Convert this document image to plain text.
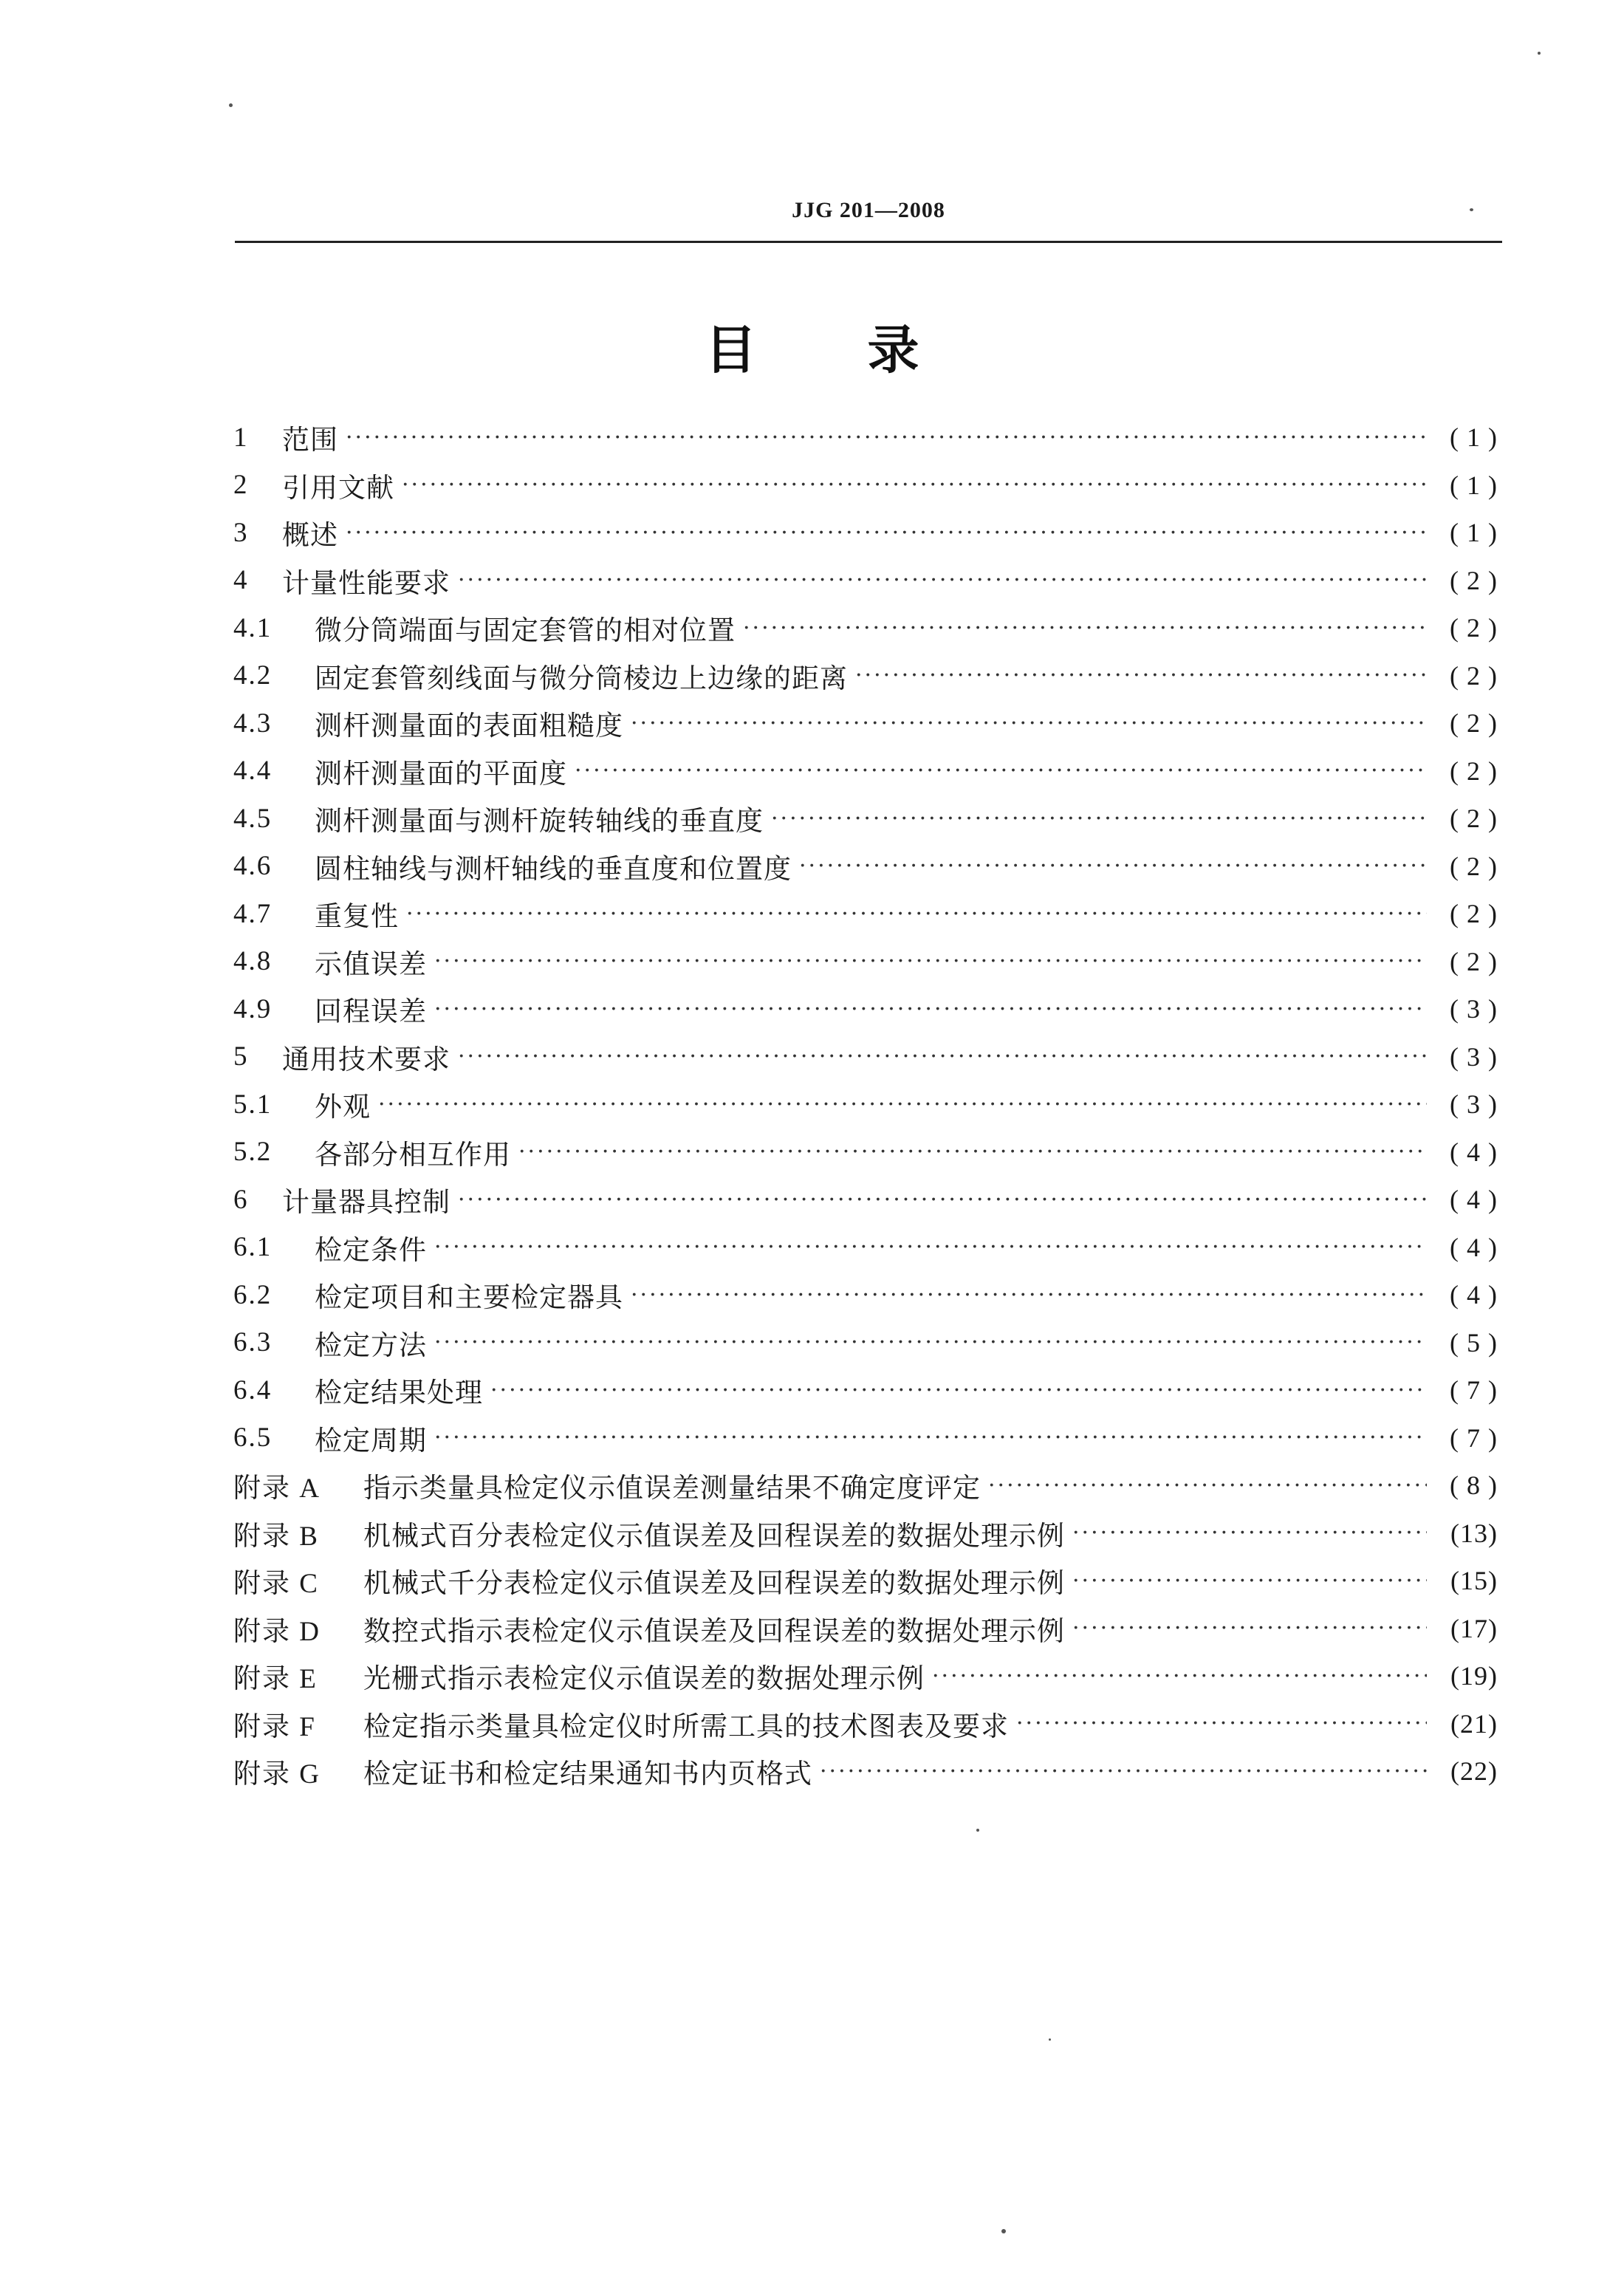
JJG 201—2008
目 录
1	范围 ·····	( 1 )
2	引用文献 ·····	( 1 )
3	概述 ·····	( 1 )
4	计量性能要求 ·····	( 2 )
4.1	微分筒端面与固定套管的相对位置 ·····	( 2 )
4.2	固定套管刻线面与微分筒棱边上边缘的距离 ·····	( 2 )
4.3	测杆测量面的表面粗糙度 ·····	( 2 )
4.4	测杆测量面的平面度 ·····	( 2 )
4.5	测杆测量面与测杆旋转轴线的垂直度 ·····	( 2 )
4.6	圆柱轴线与测杆轴线的垂直度和位置度 ·····	( 2 )
4.7	重复性 ·····	( 2 )
4.8	示值误差 ·····	( 2 )
4.9	回程误差 ·····	( 3 )
5	通用技术要求 ·····	( 3 )
5.1	外观 ·····	( 3 )
5.2	各部分相互作用 ·····	( 4 )
6	计量器具控制 ·····	( 4 )
6.1	检定条件 ·····	( 4 )
6.2	检定项目和主要检定器具 ·····	( 4 )
6.3	检定方法 ·····	( 5 )
6.4	检定结果处理 ·····	( 7 )
6.5	检定周期 ·····	( 7 )
附录 A	指示类量具检定仪示值误差测量结果不确定度评定 ·····	( 8 )
附录 B	机械式百分表检定仪示值误差及回程误差的数据处理示例 ·····	(13)
附录 C	机械式千分表检定仪示值误差及回程误差的数据处理示例 ·····	(15)
附录 D	数控式指示表检定仪示值误差及回程误差的数据处理示例 ·····	(17)
附录 E	光栅式指示表检定仪示值误差的数据处理示例 ·····	(19)
附录 F	检定指示类量具检定仪时所需工具的技术图表及要求 ·····	(21)
附录 G	检定证书和检定结果通知书内页格式 ·····	(22)
